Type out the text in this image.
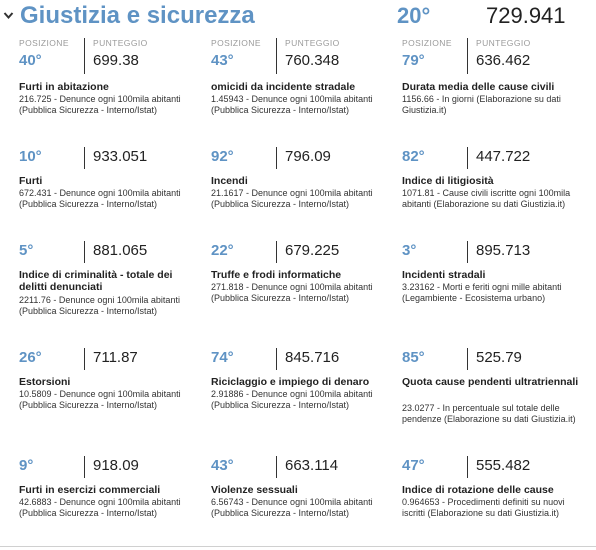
Giustizia e sicurezza	20°	729.941
POSIZIONE	PUNTEGGIO
40°	699.38
Furti in abitazione
216.725 - Denunce ogni 100mila abitanti (Pubblica Sicurezza - Interno/Istat)
POSIZIONE	PUNTEGGIO
43°	760.348
omicidi da incidente stradale
1.45943 - Denunce ogni 100mila abitanti (Pubblica Sicurezza - Interno/Istat)
POSIZIONE	PUNTEGGIO
79°	636.462
Durata media delle cause civili
1156.66 - In giorni (Elaborazione su dati Giustizia.it)
10°	933.051
Furti
672.431 - Denunce ogni 100mila abitanti (Pubblica Sicurezza - Interno/Istat)
92°	796.09
Incendi
21.1617 - Denunce ogni 100mila abitanti (Pubblica Sicurezza - Interno/Istat)
82°	447.722
Indice di litigiosità
1071.81 - Cause civili iscritte ogni 100mila abitanti (Elaborazione su dati Giustizia.it)
5°	881.065
Indice di criminalità - totale dei delitti denunciati
2211.76 - Denunce ogni 100mila abitanti (Pubblica Sicurezza - Interno/Istat)
22°	679.225
Truffe e frodi informatiche
271.818 - Denunce ogni 100mila abitanti (Pubblica Sicurezza - Interno/Istat)
3°	895.713
Incidenti stradali
3.23162 - Morti e feriti ogni mille abitanti (Legambiente - Ecosistema urbano)
26°	711.87
Estorsioni
10.5809 - Denunce ogni 100mila abitanti (Pubblica Sicurezza - Interno/Istat)
74°	845.716
Riciclaggio e impiego di denaro
2.91886 - Denunce ogni 100mila abitanti (Pubblica Sicurezza - Interno/Istat)
85°	525.79
Quota cause pendenti ultratriennali
23.0277 - In percentuale sul totale delle pendenze (Elaborazione su dati Giustizia.it)
9°	918.09
Furti in esercizi commerciali
42.6883 - Denunce ogni 100mila abitanti (Pubblica Sicurezza - Interno/Istat)
43°	663.114
Violenze sessuali
6.56743 - Denunce ogni 100mila abitanti (Pubblica Sicurezza - Interno/Istat)
47°	555.482
Indice di rotazione delle cause
0.964653 - Procedimenti definiti su nuovi iscritti (Elaborazione su dati Giustizia.it)
